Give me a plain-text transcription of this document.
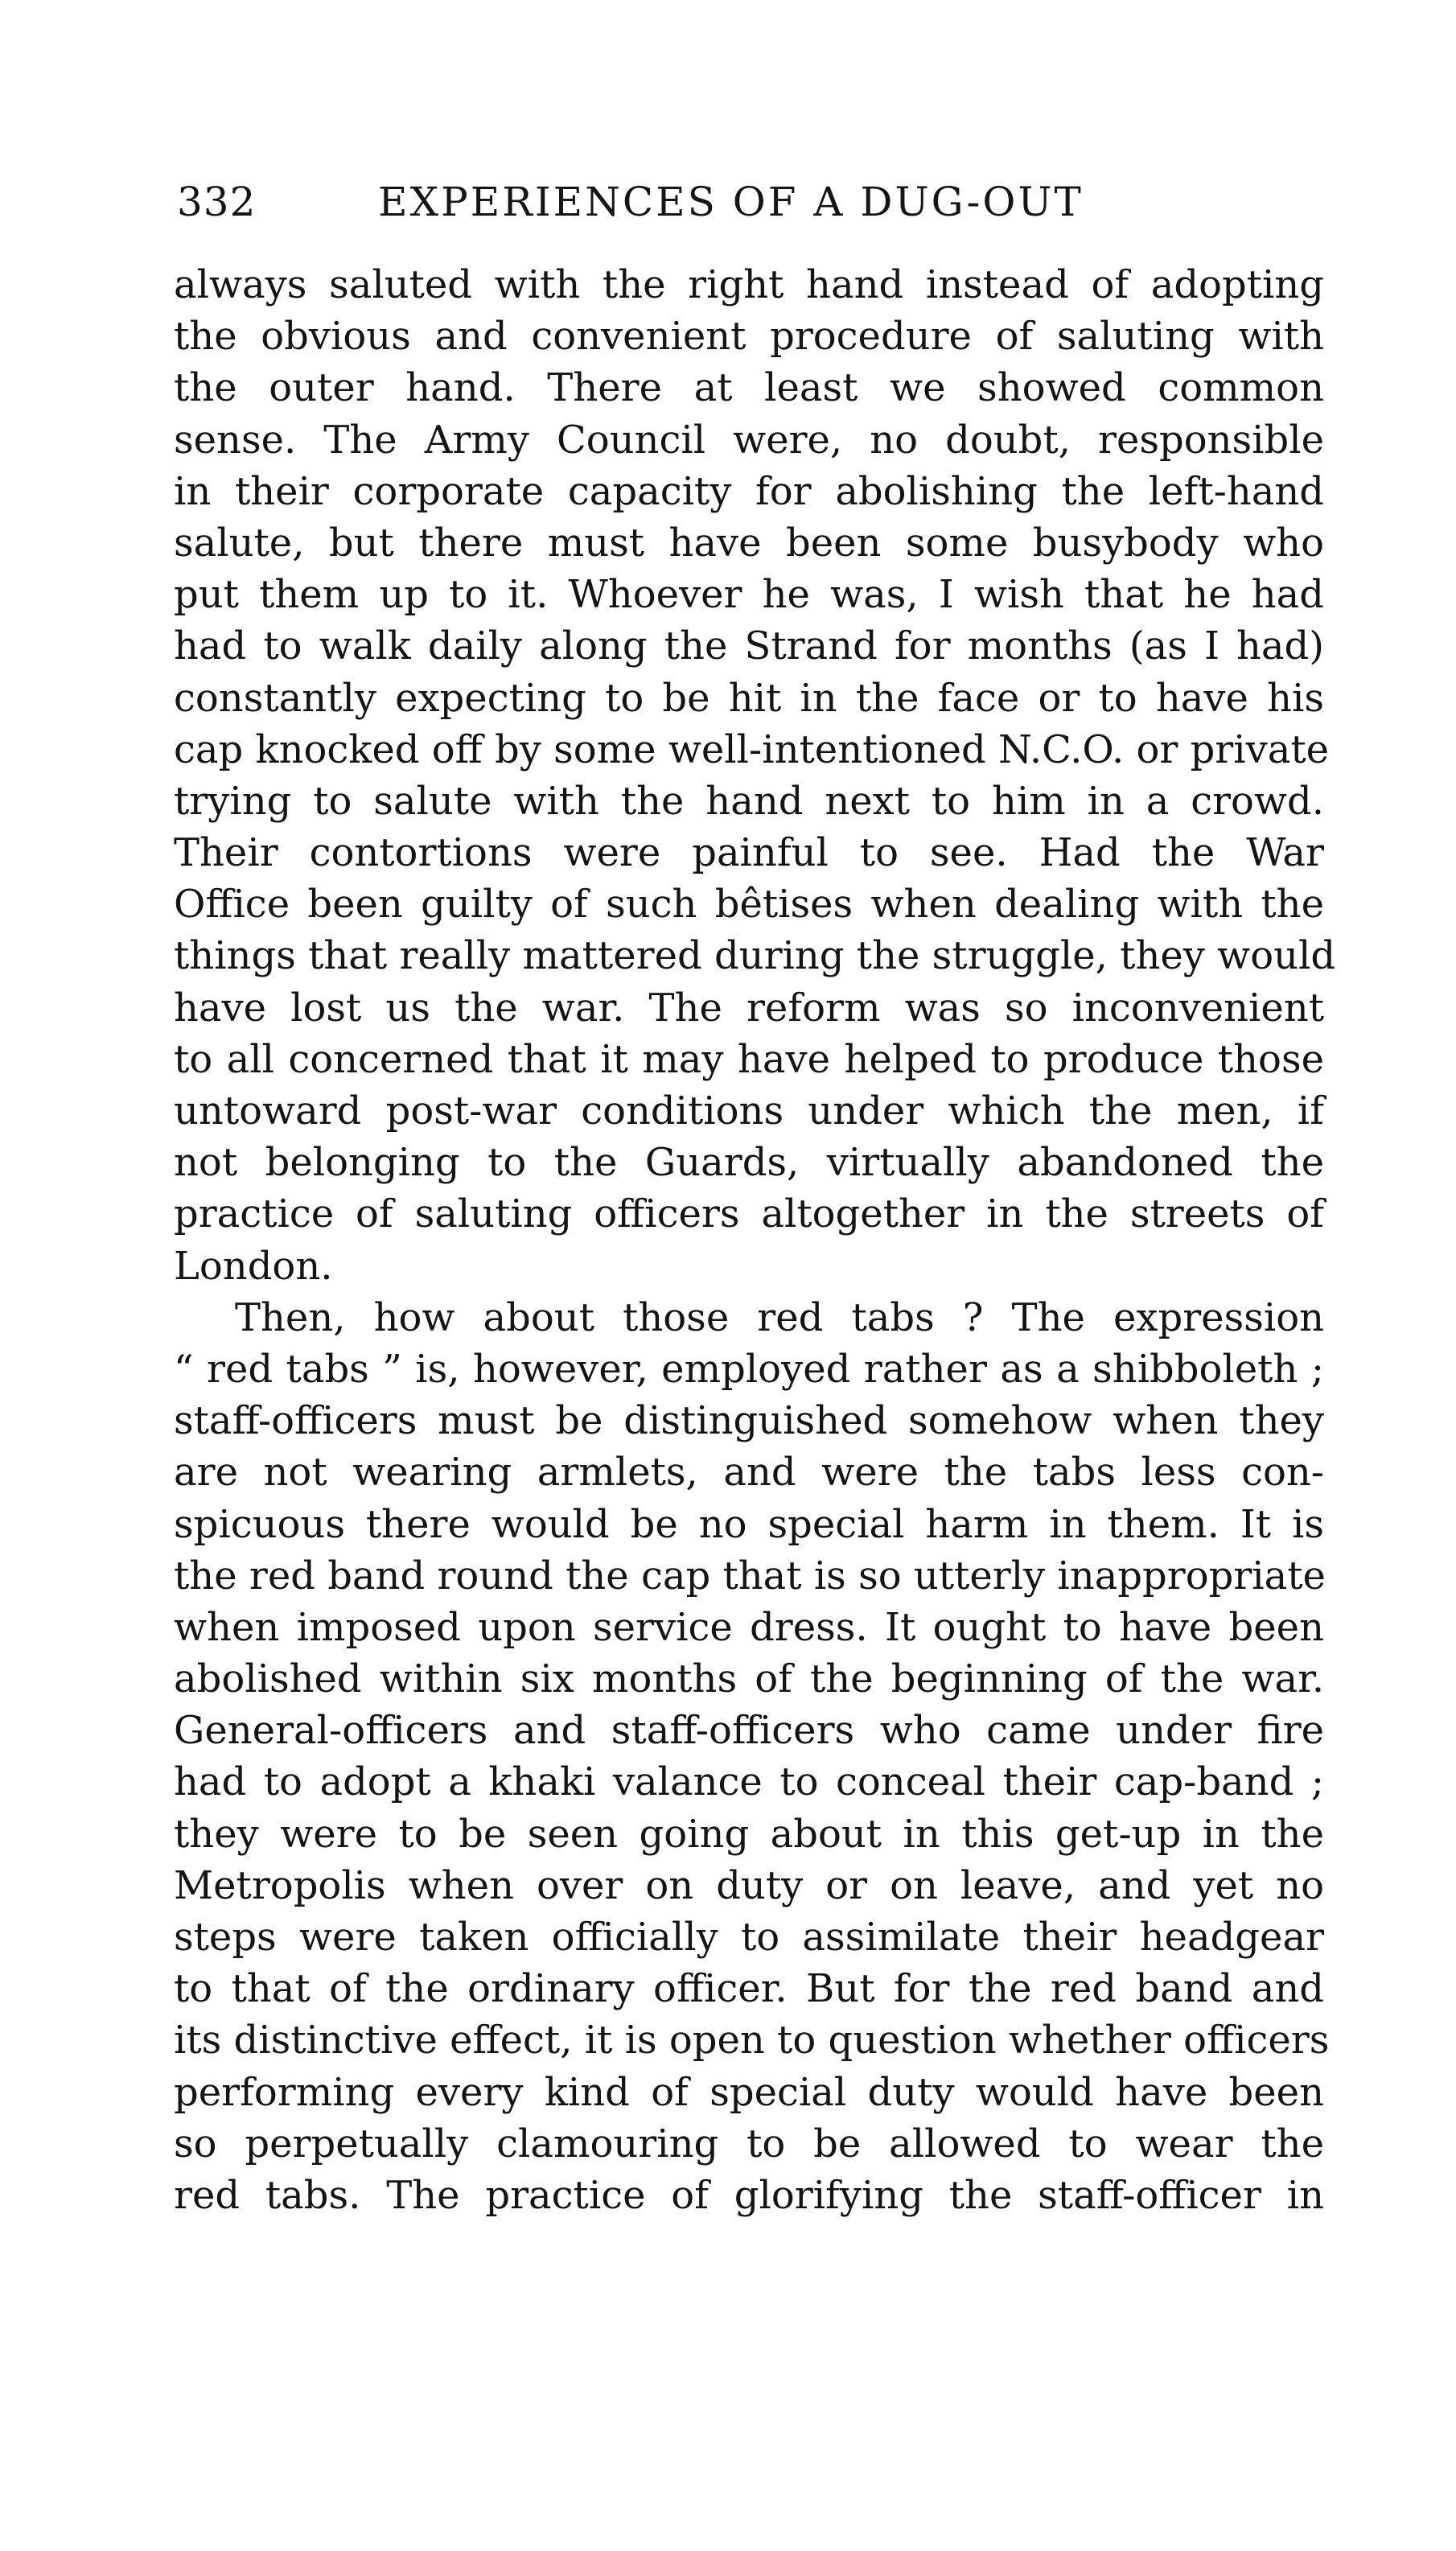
332	EXPERIENCES OF A DUG-OUT
always saluted with the right hand instead of adopting
the obvious and convenient procedure of saluting with
the outer hand. There at least we showed common
sense. The Army Council were, no doubt, responsible
in their corporate capacity for abolishing the left-hand
salute, but there must have been some busybody who
put them up to it. Whoever he was, I wish that he had
had to walk daily along the Strand for months (as I had)
constantly expecting to be hit in the face or to have his
cap knocked off by some well-intentioned N.C.O. or private
trying to salute with the hand next to him in a crowd.
Their contortions were painful to see. Had the War
Office been guilty of such bêtises when dealing with the
things that really mattered during the struggle, they would
have lost us the war. The reform was so inconvenient
to all concerned that it may have helped to produce those
untoward post-war conditions under which the men, if
not belonging to the Guards, virtually abandoned the
practice of saluting officers altogether in the streets of
London.
Then, how about those red tabs ? The expression
“ red tabs ” is, however, employed rather as a shibboleth ;
staff-officers must be distinguished somehow when they
are not wearing armlets, and were the tabs less con-
spicuous there would be no special harm in them. It is
the red band round the cap that is so utterly inappropriate
when imposed upon service dress. It ought to have been
abolished within six months of the beginning of the war.
General-officers and staff-officers who came under fire
had to adopt a khaki valance to conceal their cap-band ;
they were to be seen going about in this get-up in the
Metropolis when over on duty or on leave, and yet no
steps were taken officially to assimilate their headgear
to that of the ordinary officer. But for the red band and
its distinctive effect, it is open to question whether officers
performing every kind of special duty would have been
so perpetually clamouring to be allowed to wear the
red tabs. The practice of glorifying the staff-officer in
